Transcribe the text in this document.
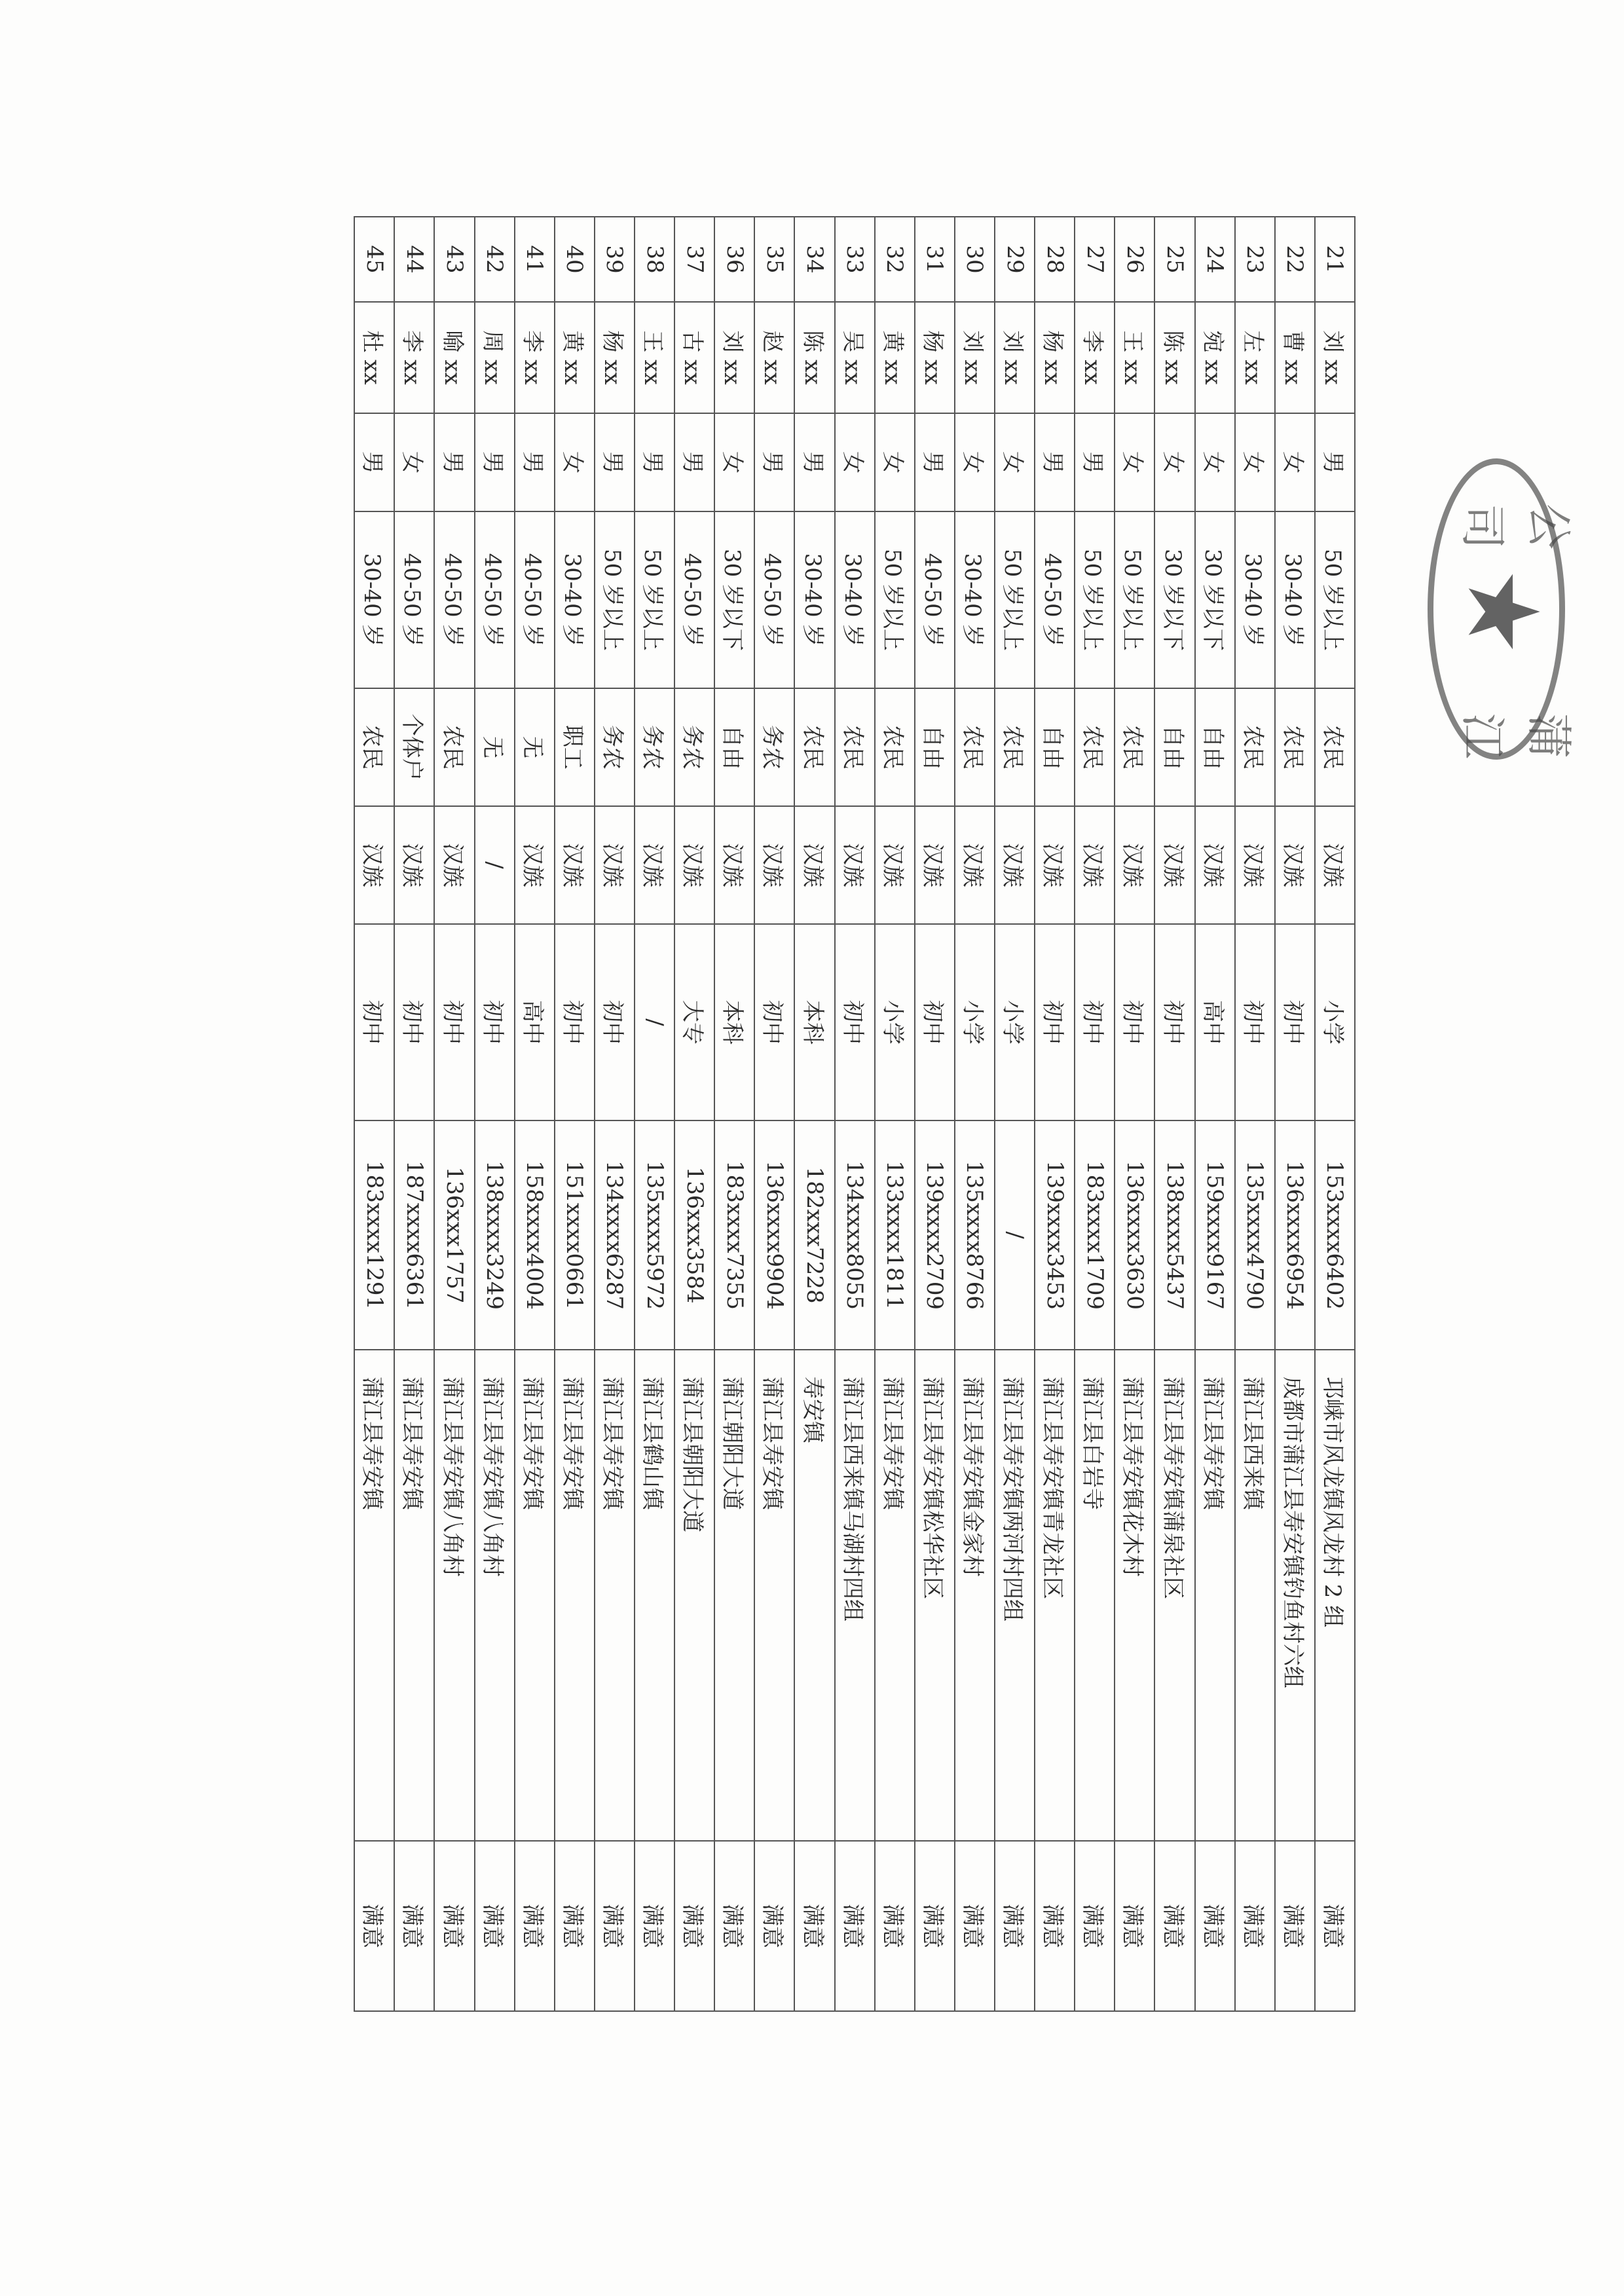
21	刘 xx	男	50 岁以上	农民	汉族	小学	153xxxx6402	邛崃市风龙镇风龙村 2 组	满意
22	曹 xx	女	30-40 岁	农民	汉族	初中	136xxxx6954	成都市蒲江县寿安镇钓鱼村六组	满意
23	左 xx	女	30-40 岁	农民	汉族	初中	135xxxx4790	蒲江县西来镇	满意
24	宛 xx	女	30 岁以下	自由	汉族	高中	159xxxx9167	蒲江县寿安镇	满意
25	陈 xx	女	30 岁以下	自由	汉族	初中	138xxxx5437	蒲江县寿安镇蒲泉社区	满意
26	王 xx	女	50 岁以上	农民	汉族	初中	136xxxx3630	蒲江县寿安镇花木村	满意
27	李 xx	男	50 岁以上	农民	汉族	初中	183xxxx1709	蒲江县白岩寺	满意
28	杨 xx	男	40-50 岁	自由	汉族	初中	139xxxx3453	蒲江县寿安镇青龙社区	满意
29	刘 xx	女	50 岁以上	农民	汉族	小学	/	蒲江县寿安镇两河村四组	满意
30	刘 xx	女	30-40 岁	农民	汉族	小学	135xxxx8766	蒲江县寿安镇金家村	满意
31	杨 xx	男	40-50 岁	自由	汉族	初中	139xxxx2709	蒲江县寿安镇松华社区	满意
32	黄 xx	女	50 岁以上	农民	汉族	小学	133xxxx1811	蒲江县寿安镇	满意
33	吴 xx	女	30-40 岁	农民	汉族	初中	134xxxx8055	蒲江县西来镇马湖村四组	满意
34	陈 xx	男	30-40 岁	农民	汉族	本科	182xxx7228	寿安镇	满意
35	赵 xx	男	40-50 岁	务农	汉族	初中	136xxxx9904	蒲江县寿安镇	满意
36	刘 xx	女	30 岁以下	自由	汉族	本科	183xxxx7355	蒲江朝阳大道	满意
37	古 xx	男	40-50 岁	务农	汉族	大专	136xxx3584	蒲江县朝阳大道	满意
38	王 xx	男	50 岁以上	务农	汉族	/	135xxxx5972	蒲江县鹤山镇	满意
39	杨 xx	男	50 岁以上	务农	汉族	初中	134xxxx6287	蒲江县寿安镇	满意
40	黄 xx	女	30-40 岁	职工	汉族	初中	151xxxx0661	蒲江县寿安镇	满意
41	李 xx	男	40-50 岁	无	汉族	高中	158xxxx4004	蒲江县寿安镇	满意
42	周 xx	男	40-50 岁	无	/	初中	138xxxx3249	蒲江县寿安镇八角村	满意
43	喻 xx	男	40-50 岁	农民	汉族	初中	136xxx1757	蒲江县寿安镇八角村	满意
44	李 xx	女	40-50 岁	个体户	汉族	初中	187xxxx6361	蒲江县寿安镇	满意
45	杜 xx	男	30-40 岁	农民	汉族	初中	183xxxx1291	蒲江县寿安镇	满意
公司
★
蒲江
